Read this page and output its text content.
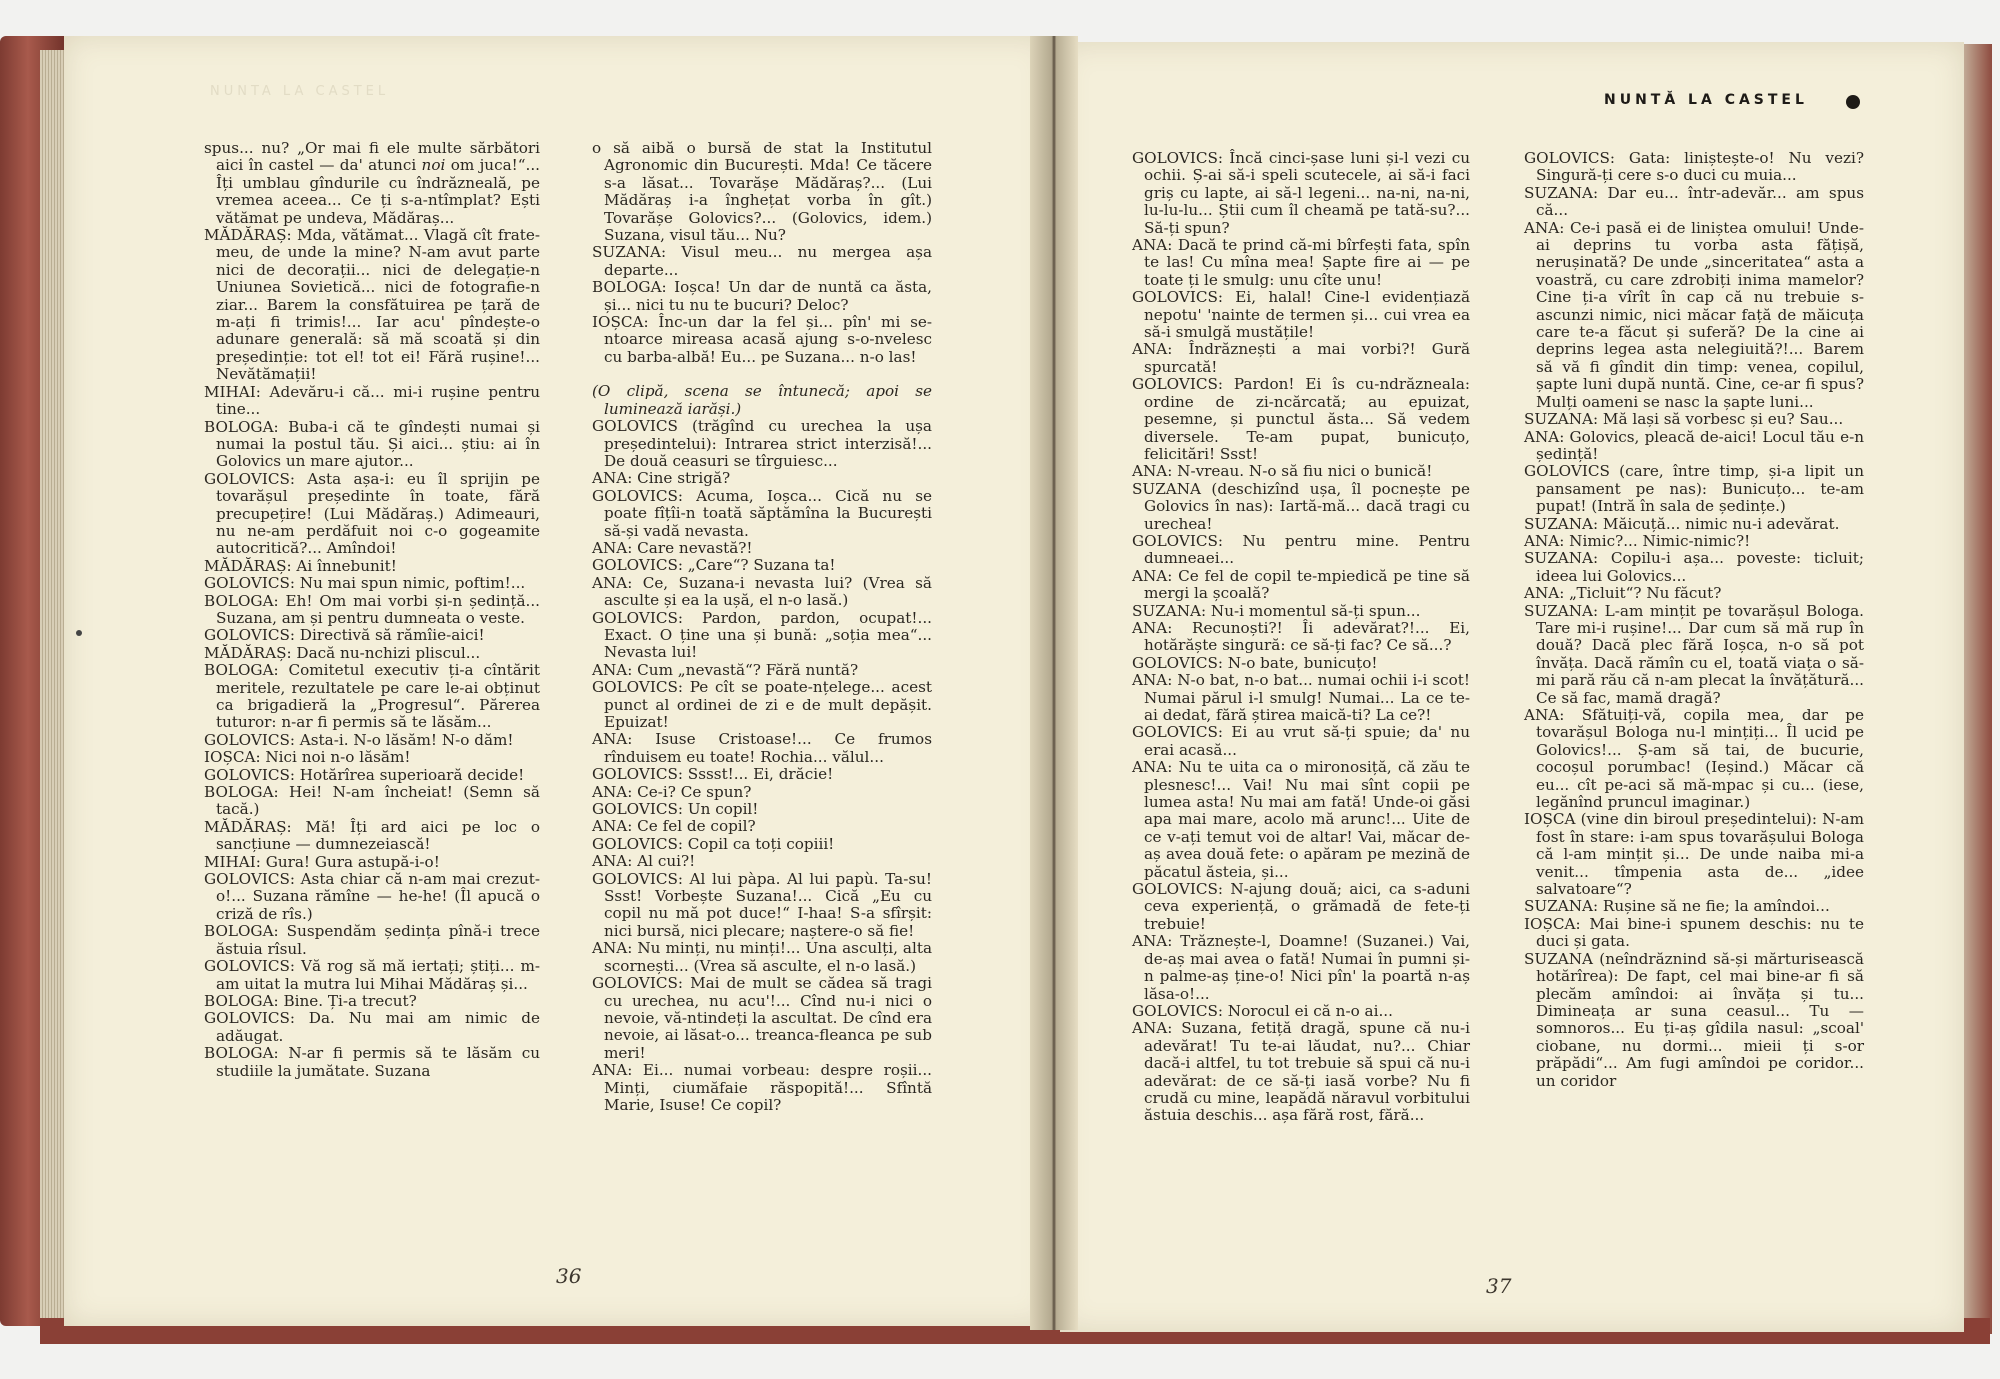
NUNTA LA CASTEL
NUNTĂ LA CASTEL

spus... nu? „Or mai fi ele multe sărbători aici în castel — da' atunci noi om juca!“... Îți umblau gîndurile cu îndrăzneală, pe vremea aceea... Ce ți s-a-ntîmplat? Ești vătămat pe undeva, Mădăraș...

MĂDĂRAȘ: Mda, vătămat... Vlagă cît frate-meu, de unde la mine? N-am avut parte nici de decorații... nici de delegație-n Uniunea Sovietică... nici de fotografie-n ziar... Barem la consfătuirea pe țară de m-ați fi trimis!... Iar acu' pîndește-o adunare generală: să mă scoată și din președinție: tot el! tot ei! Fără rușine!... Nevătămații!

MIHAI: Adevăru-i că... mi-i rușine pentru tine...

BOLOGA: Buba-i că te gîndești numai și numai la postul tău. Și aici... știu: ai în Golovics un mare ajutor...

GOLOVICS: Asta așa-i: eu îl sprijin pe tovarășul președinte în toate, fără precupețire! (Lui Mădăraș.) Adimeauri, nu ne-am perdăfuit noi c-o gogeamite autocritică?... Amîndoi!

MĂDĂRAȘ: Ai înnebunit!

GOLOVICS: Nu mai spun nimic, poftim!...

BOLOGA: Eh! Om mai vorbi și-n ședință... Suzana, am și pentru dumneata o veste.

GOLOVICS: Directivă să rămîie-aici!

MĂDĂRAȘ: Dacă nu-nchizi pliscul...

BOLOGA: Comitetul executiv ți-a cîntărit meritele, rezultatele pe care le-ai obținut ca brigadieră la „Progresul“. Părerea tuturor: n-ar fi permis să te lăsăm...

GOLOVICS: Asta-i. N-o lăsăm! N-o dăm!

IOȘCA: Nici noi n-o lăsăm!

GOLOVICS: Hotărîrea superioară decide!

BOLOGA: Hei! N-am încheiat! (Semn să tacă.)

MĂDĂRAȘ: Mă! Îți ard aici pe loc o sancțiune — dumnezeiască!

MIHAI: Gura! Gura astupă-i-o!

GOLOVICS: Asta chiar că n-am mai crezut-o!... Suzana rămîne — he-he! (Îl apucă o criză de rîs.)

BOLOGA: Suspendăm ședința pînă-i trece ăstuia rîsul.

GOLOVICS: Vă rog să mă iertați; știți... m-am uitat la mutra lui Mihai Mădăraș și...

BOLOGA: Bine. Ți-a trecut?

GOLOVICS: Da. Nu mai am nimic de adăugat.

BOLOGA: N-ar fi permis să te lăsăm cu studiile la jumătate. Suzana

o să aibă o bursă de stat la Institutul Agronomic din București. Mda! Ce tăcere s-a lăsat... Tovarășe Mădăraș?... (Lui Mădăraș i-a înghețat vorba în gît.) Tovarășe Golovics?... (Golovics, idem.) Suzana, visul tău... Nu?

SUZANA: Visul meu... nu mergea așa departe...

BOLOGA: Ioșca! Un dar de nuntă ca ăsta, și... nici tu nu te bucuri? Deloc?

IOȘCA: Înc-un dar la fel și... pîn' mi se-ntoarce mireasa acasă ajung s-o-nvelesc cu barba-albă! Eu... pe Suzana... n-o las!

(O clipă, scena se întunecă; apoi se luminează iarăși.)

GOLOVICS (trăgînd cu urechea la ușa președintelui): Intrarea strict interzisă!... De două ceasuri se tîrguiesc...

ANA: Cine strigă?

GOLOVICS: Acuma, Ioșca... Cică nu se poate fîțîi-n toată săptămîna la București să-și vadă nevasta.

ANA: Care nevastă?!

GOLOVICS: „Care“? Suzana ta!

ANA: Ce, Suzana-i nevasta lui? (Vrea să asculte și ea la ușă, el n-o lasă.)

GOLOVICS: Pardon, pardon, ocupat!... Exact. O ține una și bună: „soția mea“... Nevasta lui!

ANA: Cum „nevastă“? Fără nuntă?

GOLOVICS: Pe cît se poate-nțelege... acest punct al ordinei de zi e de mult depășit. Epuizat!

ANA: Isuse Cristoase!... Ce frumos rînduisem eu toate! Rochia... vălul...

GOLOVICS: Sssst!... Ei, drăcie!

ANA: Ce-i? Ce spun?

GOLOVICS: Un copil!

ANA: Ce fel de copil?

GOLOVICS: Copil ca toți copiii!

ANA: Al cui?!

GOLOVICS: Al lui pàpa. Al lui papù. Ta-su! Ssst! Vorbește Suzana!... Cică „Eu cu copil nu mă pot duce!“ I-haa! S-a sfîrșit: nici bursă, nici plecare; naștere-o să fie!

ANA: Nu minți, nu minți!... Una asculți, alta scornești... (Vrea să asculte, el n-o lasă.)

GOLOVICS: Mai de mult se cădea să tragi cu urechea, nu acu'!... Cînd nu-i nici o nevoie, vă-ntindeți la ascultat. De cînd era nevoie, ai lăsat-o... treanca-fleanca pe sub meri!

ANA: Ei... numai vorbeau: despre roșii... Minți, ciumăfaie răspopită!... Sfîntă Marie, Isuse! Ce copil?

GOLOVICS: Încă cinci-șase luni și-l vezi cu ochii. Ș-ai să-i speli scutecele, ai să-i faci griș cu lapte, ai să-l legeni... na-ni, na-ni, lu-lu-lu... Știi cum îl cheamă pe tată-su?... Să-ți spun?

ANA: Dacă te prind că-mi bîrfești fata, spîn te las! Cu mîna mea! Șapte fire ai — pe toate ți le smulg: unu cîte unu!

GOLOVICS: Ei, halal! Cine-l evidențiază nepotu' 'nainte de termen și... cui vrea ea să-i smulgă mustățile!

ANA: Îndrăznești a mai vorbi?! Gură spurcată!

GOLOVICS: Pardon! Ei îs cu-ndrăzneala: ordine de zi-ncărcată; au epuizat, pesemne, și punctul ăsta... Să vedem diversele. Te-am pupat, bunicuțo, felicitări! Ssst!

ANA: N-vreau. N-o să fiu nici o bunică!

SUZANA (deschizînd ușa, îl pocnește pe Golovics în nas): Iartă-mă... dacă tragi cu urechea!

GOLOVICS: Nu pentru mine. Pentru dumneaei...

ANA: Ce fel de copil te-mpiedică pe tine să mergi la școală?

SUZANA: Nu-i momentul să-ți spun...

ANA: Recunoști?! Îi adevărat?!... Ei, hotărăște singură: ce să-ți fac? Ce să...?

GOLOVICS: N-o bate, bunicuțo!

ANA: N-o bat, n-o bat... numai ochii i-i scot! Numai părul i-l smulg! Numai... La ce te-ai dedat, fără știrea maică-ti? La ce?!

GOLOVICS: Ei au vrut să-ți spuie; da' nu erai acasă...

ANA: Nu te uita ca o mironosiță, că zău te plesnesc!... Vai! Nu mai sînt copii pe lumea asta! Nu mai am fată! Unde-oi găsi apa mai mare, acolo mă arunc!... Uite de ce v-ați temut voi de altar! Vai, măcar de-aș avea două fete: o apăram pe mezină de păcatul ăsteia, și...

GOLOVICS: N-ajung două; aici, ca s-aduni ceva experiență, o grămadă de fete-ți trebuie!

ANA: Trăznește-l, Doamne! (Suzanei.) Vai, de-aș mai avea o fată! Numai în pumni și-n palme-aș ține-o! Nici pîn' la poartă n-aș lăsa-o!...

GOLOVICS: Norocul ei că n-o ai...

ANA: Suzana, fetiță dragă, spune că nu-i adevărat! Tu te-ai lăudat, nu?... Chiar dacă-i altfel, tu tot trebuie să spui că nu-i adevărat: de ce să-ți iasă vorbe? Nu fi crudă cu mine, leapădă năravul vorbitului ăstuia deschis... așa fără rost, fără...

GOLOVICS: Gata: liniștește-o! Nu vezi? Singură-ți cere s-o duci cu muia...

SUZANA: Dar eu... într-adevăr... am spus că...

ANA: Ce-i pasă ei de liniștea omului! Unde-ai deprins tu vorba asta fățișă, nerușinată? De unde „sinceritatea“ asta a voastră, cu care zdrobiți inima mamelor? Cine ți-a vîrît în cap că nu trebuie s-ascunzi nimic, nici măcar față de măicuța care te-a făcut și suferă? De la cine ai deprins legea asta nelegiuită?!... Barem să vă fi gîndit din timp: venea, copilul, șapte luni după nuntă. Cine, ce-ar fi spus? Mulți oameni se nasc la șapte luni...

SUZANA: Mă lași să vorbesc și eu? Sau...

ANA: Golovics, pleacă de-aici! Locul tău e-n ședință!

GOLOVICS (care, între timp, și-a lipit un pansament pe nas): Bunicuțo... te-am pupat! (Intră în sala de ședințe.)

SUZANA: Măicuță... nimic nu-i adevărat.

ANA: Nimic?... Nimic-nimic?!

SUZANA: Copilu-i așa... poveste: ticluit; ideea lui Golovics...

ANA: „Ticluit“? Nu făcut?

SUZANA: L-am mințit pe tovarășul Bologa. Tare mi-i rușine!... Dar cum să mă rup în două? Dacă plec fără Ioșca, n-o să pot învăța. Dacă rămîn cu el, toată viața o să-mi pară rău că n-am plecat la învățătură... Ce să fac, mamă dragă?

ANA: Sfătuiți-vă, copila mea, dar pe tovarășul Bologa nu-l mințiți... Îl ucid pe Golovics!... Ș-am să tai, de bucurie, cocoșul porumbac! (Ieșind.) Măcar că eu... cît pe-aci să mă-mpac și cu... (iese, legănînd pruncul imaginar.)

IOȘCA (vine din biroul președintelui): N-am fost în stare: i-am spus tovarășului Bologa că l-am mințit și... De unde naiba mi-a venit... tîmpenia asta de... „idee salvatoare“?

SUZANA: Rușine să ne fie; la amîndoi...

IOȘCA: Mai bine-i spunem deschis: nu te duci și gata.

SUZANA (neîndrăznind să-și mărturisească hotărîrea): De fapt, cel mai bine-ar fi să plecăm amîndoi: ai învăța și tu... Dimineața ar suna ceasul... Tu — somnoros... Eu ți-aș gîdila nasul: „scoal' ciobane, nu dormi... mieii ți s-or prăpădi“... Am fugi amîndoi pe coridor... un coridor

36	37
